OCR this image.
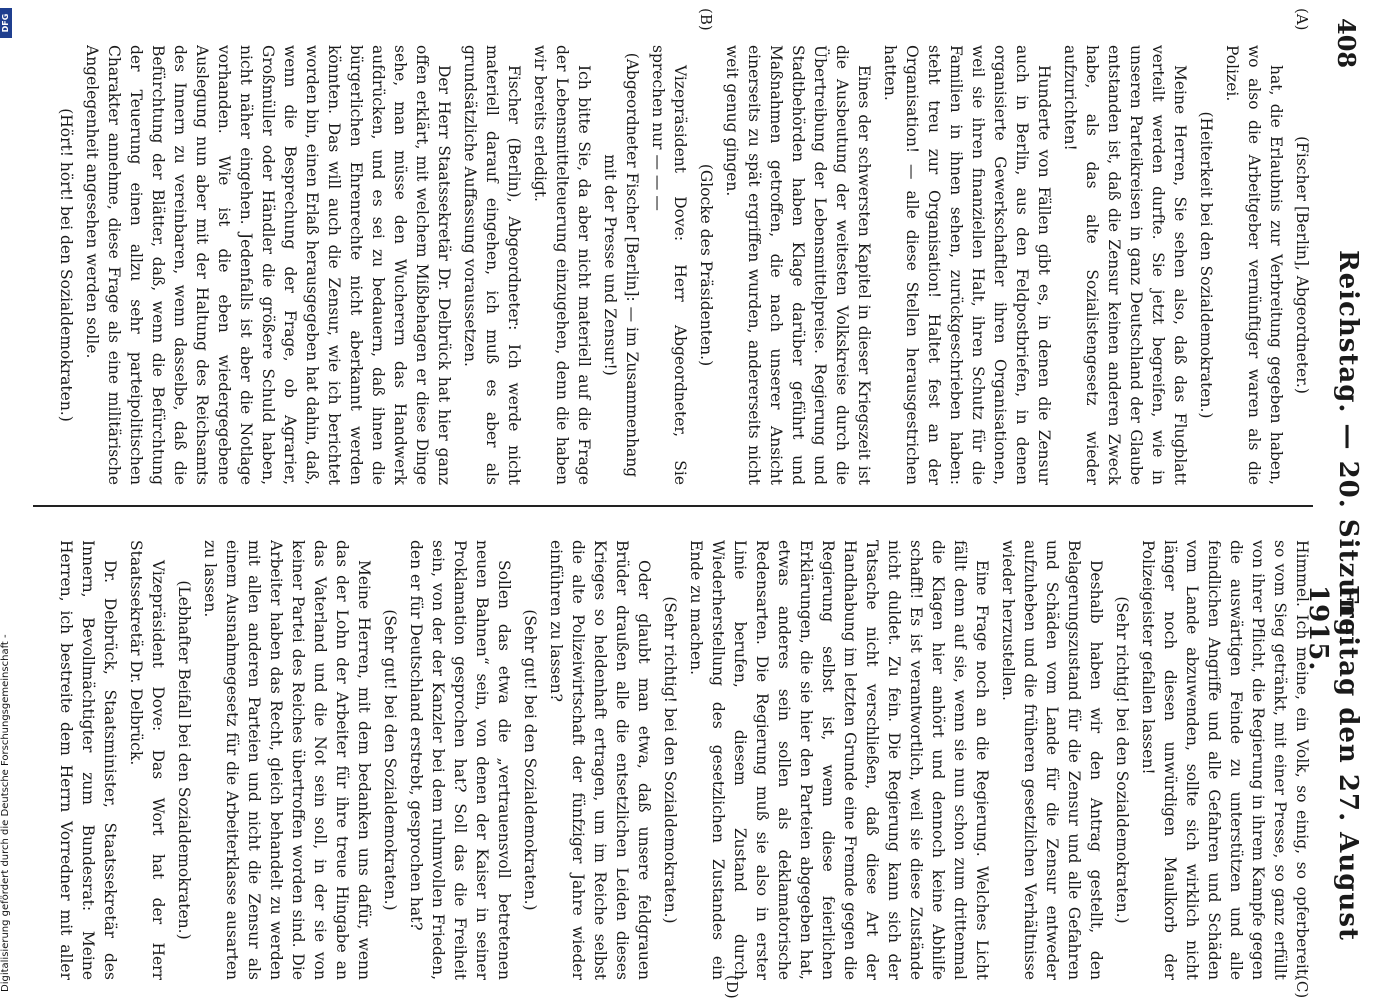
408
Reichstag. — 20. Sitzung.
Freitag den 27. August 1915.
(A)
(B)
(C)
(D)

(Fischer [Berlin], Abgeordneter.)

hat, die Erlaubnis zur Verbreitung gegeben haben, wo also die Arbeitgeber vernünftiger waren als die Polizei.

(Heiterkeit bei den Sozialdemokraten.)

Meine Herren, Sie sehen also, daß das Flugblatt verteilt werden durfte. Sie jetzt begreifen, wie in unseren Parteikreisen in ganz Deutschland der Glaube entstanden ist, daß die Zensur keinen anderen Zweck habe, als das alte Sozialistengesetz wieder aufzurichten!

Hunderte von Fällen gibt es, in denen die Zensur auch in Berlin, aus den Feldpostbriefen, in denen organisierte Gewerkschaftler ihren Organisationen, weil sie ihren finanziellen Halt, ihren Schutz für die Familien in ihnen sehen, zurückgeschrieben haben: steht treu zur Organisation! Haltet fest an der Organisation! — alle diese Stellen herausgestrichen hatten.

Eines der schwersten Kapitel in dieser Kriegszeit ist die Ausbeutung der weitesten Volkskreise durch die Übertreibung der Lebensmittelpreise. Regierung und Stadtbehörden haben Klage darüber geführt und Maßnahmen getroffen, die nach unserer Ansicht einerseits zu spät ergriffen wurden, andererseits nicht weit genug gingen.

(Glocke des Präsidenten.)

Vizepräsident Dove: Herr Abgeordneter, Sie sprechen nur — — —

(Abgeordneter Fischer [Berlin]: — im Zusammenhang mit der Presse und Zensur!)

Ich bitte Sie, da aber nicht materiell auf die Frage der Lebensmittelteuerung einzugehen, denn die haben wir bereits erledigt.

Fischer (Berlin), Abgeordneter: Ich werde nicht materiell darauf eingehen, ich muß es aber als grundsätzliche Auffassung voraussetzen.

Der Herr Staatssekretär Dr. Delbrück hat hier ganz offen erklärt, mit welchem Mißbehagen er diese Dinge sehe, man müsse den Wucherern das Handwerk aufdrücken, und es sei zu bedauern, daß ihnen die bürgerlichen Ehrenrechte nicht aberkannt werden könnten. Das will auch die Zensur, wie ich berichtet worden bin, einen Erlaß herausgegeben hat dahin, daß, wenn die Besprechung der Frage, ob Agrarier, Großmüller oder Händler die größere Schuld haben, nicht näher eingehen. Jedenfalls ist aber die Notlage vorhanden. Wie ist die eben wiedergegebene Auslegung nun aber mit der Haltung des Reichsamts des Innern zu vereinbaren, wenn dasselbe, daß die Befürchtung der Blätter, daß, wenn die Befürchtung der Teuerung einen allzu sehr parteipolitischen Charakter annehme, diese Frage als eine militärische Angelegenheit angesehen werden solle.

(Hört! hört! bei den Sozialdemokraten.)

Himmel. Ich meine, ein Volk, so einig, so opferbereit, so vom Sieg getränkt, mit einer Presse, so ganz erfüllt von ihrer Pflicht, die Regierung in ihrem Kampfe gegen die auswärtigen Feinde zu unterstützen und alle feindlichen Angriffe und alle Gefahren und Schäden vom Lande abzuwenden, sollte sich wirklich nicht länger noch diesen unwürdigen Maulkorb der Polizeigeister gefallen lassen!

(Sehr richtig! bei den Sozialdemokraten.)

Deshalb haben wir den Antrag gestellt, den Belagerungszustand für die Zensur und alle Gefahren und Schäden vom Lande für die Zensur entweder aufzuheben und die früheren gesetzlichen Verhältnisse wieder herzustellen.

Eine Frage noch an die Regierung. Welches Licht fällt denn auf sie, wenn sie nun schon zum drittenmal die Klagen hier anhört und dennoch keine Abhilfe schafft! Es ist verantwortlich, weil sie diese Zustände nicht duldet. Zu fein. Die Regierung kann sich der Tatsache nicht verschließen, daß diese Art der Handhabung im letzten Grunde eine Fremde gegen die Regierung selbst ist, wenn diese feierlichen Erklärungen, die sie hier den Parteien abgegeben hat, etwas anderes sein sollen als deklamatorische Redensarten. Die Regierung muß sie also in erster Linie berufen, diesem Zustand durch Wiederherstellung des gesetzlichen Zustandes ein Ende zu machen.

(Sehr richtig! bei den Sozialdemokraten.)

Oder glaubt man etwa, daß unsere feldgrauen Brüder draußen alle die entsetzlichen Leiden dieses Krieges so heldenhaft ertragen, um im Reiche selbst die alte Polizeiwirtschaft der fünfziger Jahre wieder einführen zu lassen?

(Sehr gut! bei den Sozialdemokraten.)

Sollen das etwa die „vertrauensvoll betretenen neuen Bahnen“ sein, von denen der Kaiser in seiner Proklamation gesprochen hat? Soll das die Freiheit sein, von der der Kanzler bei dem ruhmvollen Frieden, den er für Deutschland erstrebt, gesprochen hat?

(Sehr gut! bei den Sozialdemokraten.)

Meine Herren, mit dem bedanken uns dafür, wenn das der Lohn der Arbeiter für ihre treue Hingabe an das Vaterland und die Not sein soll, in der sie von keiner Partei des Reiches übertroffen worden sind. Die Arbeiter haben das Recht, gleich behandelt zu werden mit allen anderen Parteien und nicht die Zensur als einem Ausnahmegesetz für die Arbeiterklasse ausarten zu lassen.

(Lebhafter Beifall bei den Sozialdemokraten.)

Vizepräsident Dove: Das Wort hat der Herr Staatssekretär Dr. Delbrück.

Dr. Delbrück, Staatsminister, Staatssekretär des Innern, Bevollmächtigter zum Bundesrat: Meine Herren, ich bestreite dem Herrn Vorredner mit aller

Digitalisierung gefördert durch die Deutsche Forschungsgemeinschaft -
DFG
